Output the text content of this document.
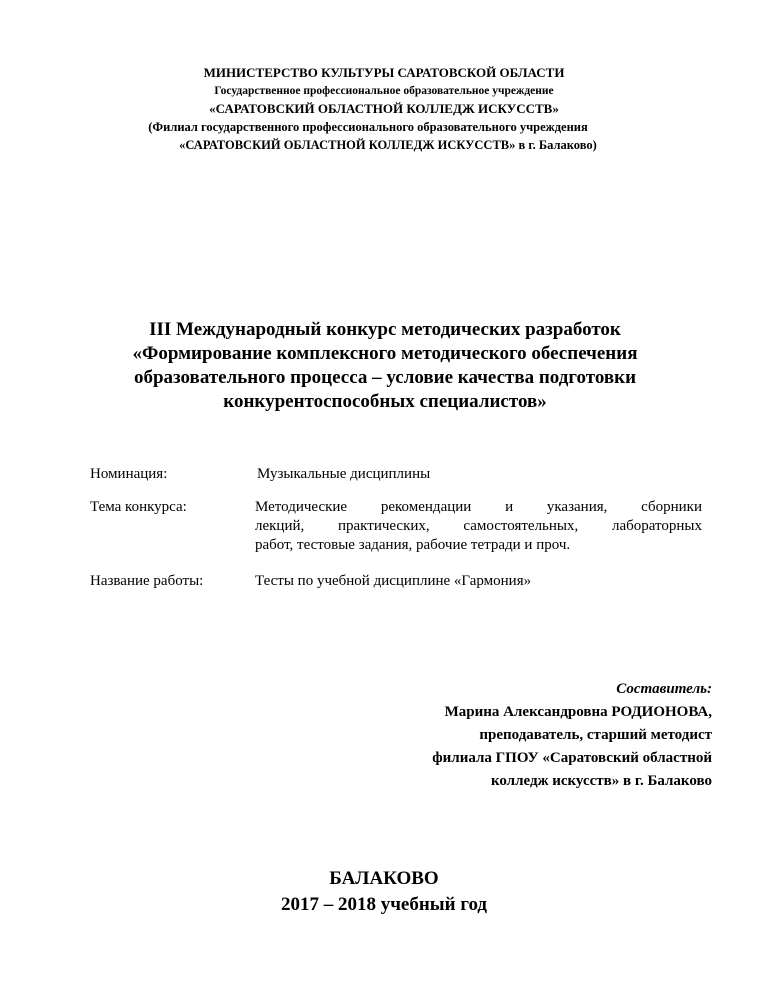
МИНИСТЕРСТВО КУЛЬТУРЫ САРАТОВСКОЙ ОБЛАСТИ
Государственное профессиональное образовательное учреждение
«САРАТОВСКИЙ ОБЛАСТНОЙ КОЛЛЕДЖ ИСКУССТВ»
(Филиал государственного профессионального образовательного учреждения
«САРАТОВСКИЙ ОБЛАСТНОЙ КОЛЛЕДЖ ИСКУССТВ» в г. Балаково)
III Международный конкурс методических разработок
«Формирование комплексного методического обеспечения
образовательного процесса – условие качества подготовки
конкурентоспособных специалистов»
Номинация:	Музыкальные дисциплины
Тема конкурса:	Методические рекомендации и указания, сборники
лекций, практических, самостоятельных, лабораторных
работ, тестовые задания, рабочие тетради и проч.
Название работы:	Тесты по учебной дисциплине «Гармония»
Составитель:
Марина Александровна РОДИОНОВА,
преподаватель, старший методист
филиала ГПОУ «Саратовский областной
колледж искусств» в г. Балаково
БАЛАКОВО
2017 – 2018 учебный год
